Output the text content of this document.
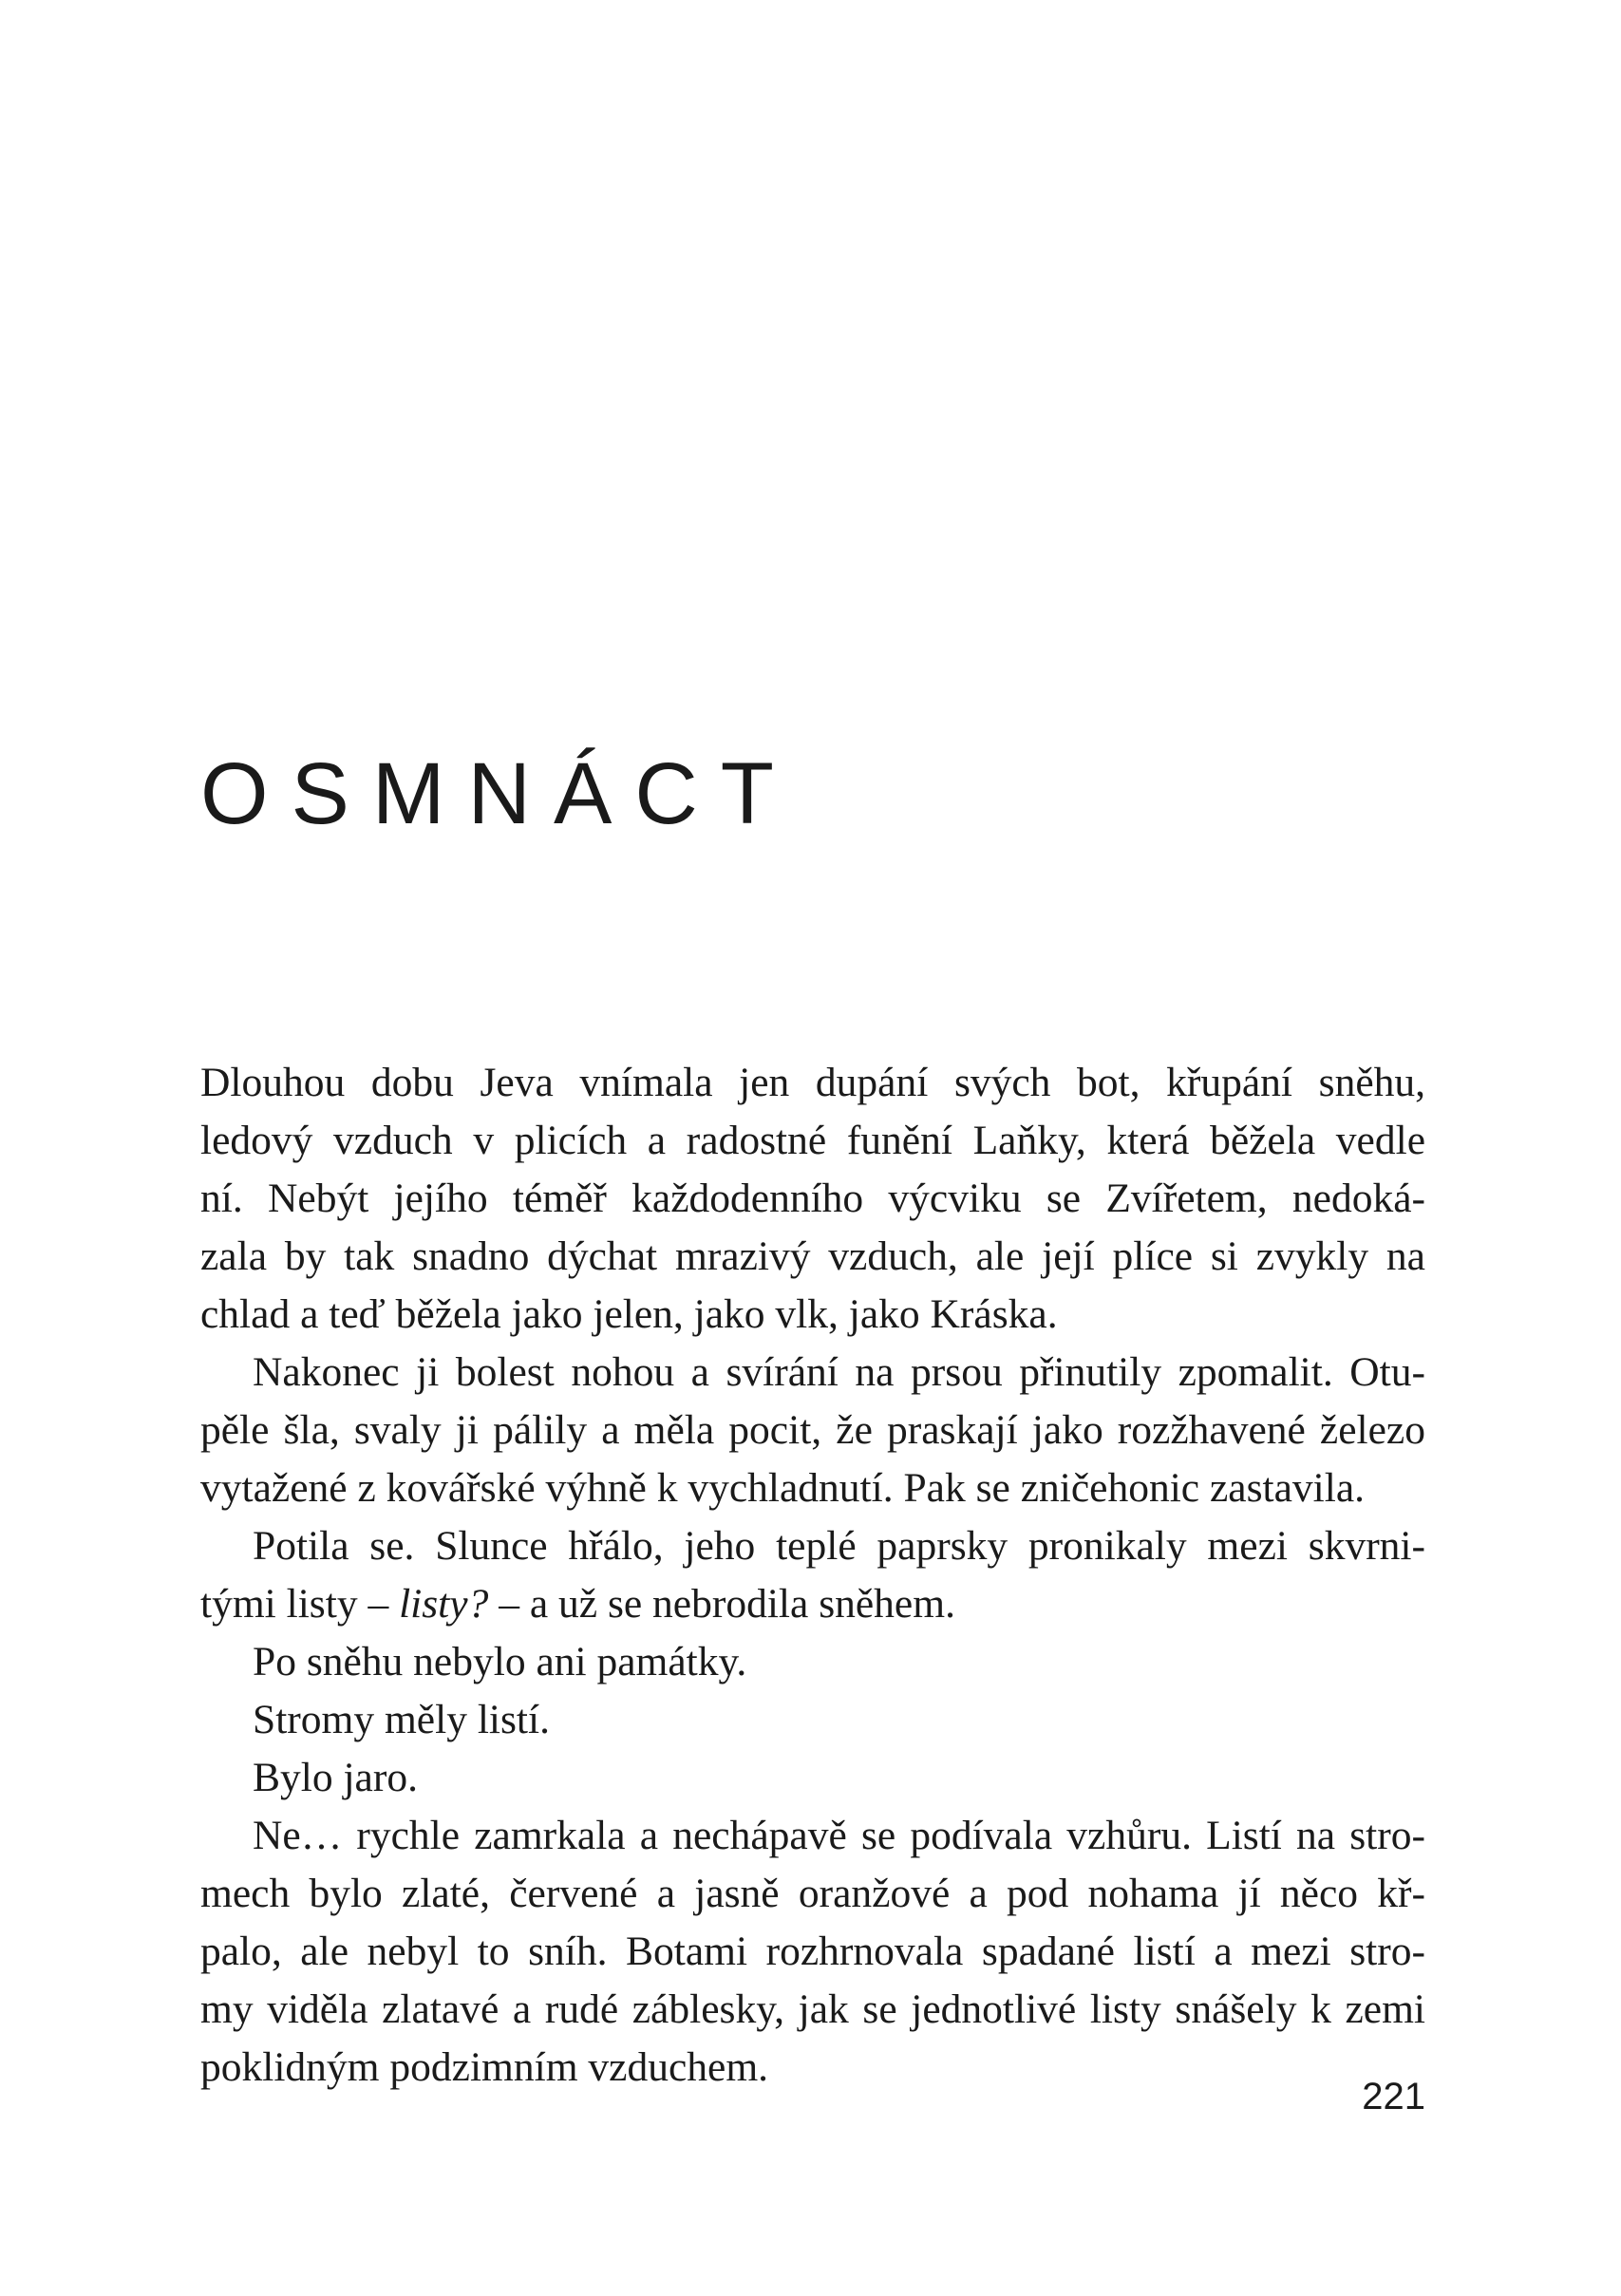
OSMNÁCT

Dlouhou dobu Jeva vnímala jen dupání svých bot, křupání sněhu,

ledový vzduch v plicích a radostné funění Laňky, která běžela vedle

ní. Nebýt jejího téměř každodenního výcviku se Zvířetem, nedoká-

zala by tak snadno dýchat mrazivý vzduch, ale její plíce si zvykly na

chlad a teď běžela jako jelen, jako vlk, jako Kráska.

Nakonec ji bolest nohou a svírání na prsou přinutily zpomalit. Otu-

pěle šla, svaly ji pálily a měla pocit, že praskají jako rozžhavené železo

vytažené z kovářské výhně k vychladnutí. Pak se zničehonic zastavila.

Potila se. Slunce hřálo, jeho teplé paprsky pronikaly mezi skvrni-

tými listy – listy? – a už se nebrodila sněhem.

Po sněhu nebylo ani památky.

Stromy měly listí.

Bylo jaro.

Ne… rychle zamrkala a nechápavě se podívala vzhůru. Listí na stro-

mech bylo zlaté, červené a jasně oranžové a pod nohama jí něco kř-

palo, ale nebyl to sníh. Botami rozhrnovala spadané listí a mezi stro-

my viděla zlatavé a rudé záblesky, jak se jednotlivé listy snášely k zemi

poklidným podzimním vzduchem.

221
